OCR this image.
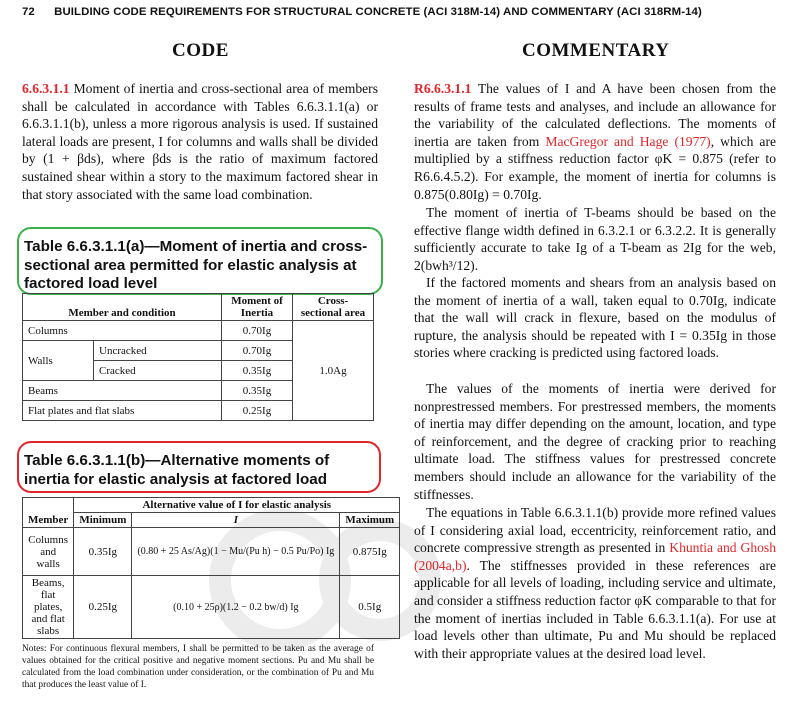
72 BUILDING CODE REQUIREMENTS FOR STRUCTURAL CONCRETE (ACI 318M-14) AND COMMENTARY (ACI 318RM-14)
CODE	COMMENTARY
6.6.3.1.1 Moment of inertia and cross-sectional area of members shall be calculated in accordance with Tables 6.6.3.1.1(a) or 6.6.3.1.1(b), unless a more rigorous analysis is used. If sustained lateral loads are present, I for columns and walls shall be divided by (1 + βds), where βds is the ratio of maximum factored sustained shear within a story to the maximum factored shear in that story associated with the same load combination.
Table 6.6.3.1.1(a)—Moment of inertia and cross-sectional area permitted for elastic analysis at factored load level
Member and condition		Moment of Inertia	Cross-sectional area
Columns		0.70Ig	1.0Ag
Walls	Uncracked	0.70Ig	
	Cracked	0.35Ig	
Beams		0.35Ig	
Flat plates and flat slabs		0.25Ig	
Table 6.6.3.1.1(b)—Alternative moments of inertia for elastic analysis at factored load
Member	Alternative value of I for elastic analysis		
	Minimum	I	Maximum
Columns and walls	0.35Ig	(0.80 + 25 As/Ag)(1 − Mu/(Pu h) − 0.5 Pu/Po) Ig	0.875Ig
Beams, flat plates, and flat slabs	0.25Ig	(0.10 + 25ρ)(1.2 − 0.2 bw/d) Ig	0.5Ig
Notes: For continuous flexural members, I shall be permitted to be taken as the average of values obtained for the critical positive and negative moment sections. Pu and Mu shall be calculated from the load combination under consideration, or the combination of Pu and Mu that produces the least value of I.
R6.6.3.1.1 The values of I and A have been chosen from the results of frame tests and analyses, and include an allowance for the variability of the calculated deflections. The moments of inertia are taken from MacGregor and Hage (1977), which are multiplied by a stiffness reduction factor φK = 0.875 (refer to R6.6.4.5.2). For example, the moment of inertia for columns is 0.875(0.80Ig) = 0.70Ig.
The moment of inertia of T-beams should be based on the effective flange width defined in 6.3.2.1 or 6.3.2.2. It is generally sufficiently accurate to take Ig of a T-beam as 2Ig for the web, 2(bwh³/12).
If the factored moments and shears from an analysis based on the moment of inertia of a wall, taken equal to 0.70Ig, indicate that the wall will crack in flexure, based on the modulus of rupture, the analysis should be repeated with I = 0.35Ig in those stories where cracking is predicted using factored loads.
The values of the moments of inertia were derived for nonprestressed members. For prestressed members, the moments of inertia may differ depending on the amount, location, and type of reinforcement, and the degree of cracking prior to reaching ultimate load. The stiffness values for prestressed concrete members should include an allowance for the variability of the stiffnesses.
The equations in Table 6.6.3.1.1(b) provide more refined values of I considering axial load, eccentricity, reinforcement ratio, and concrete compressive strength as presented in Khuntia and Ghosh (2004a,b). The stiffnesses provided in these references are applicable for all levels of loading, including service and ultimate, and consider a stiffness reduction factor φK comparable to that for the moment of inertias included in Table 6.6.3.1.1(a). For use at load levels other than ultimate, Pu and Mu should be replaced with their appropriate values at the desired load level.
